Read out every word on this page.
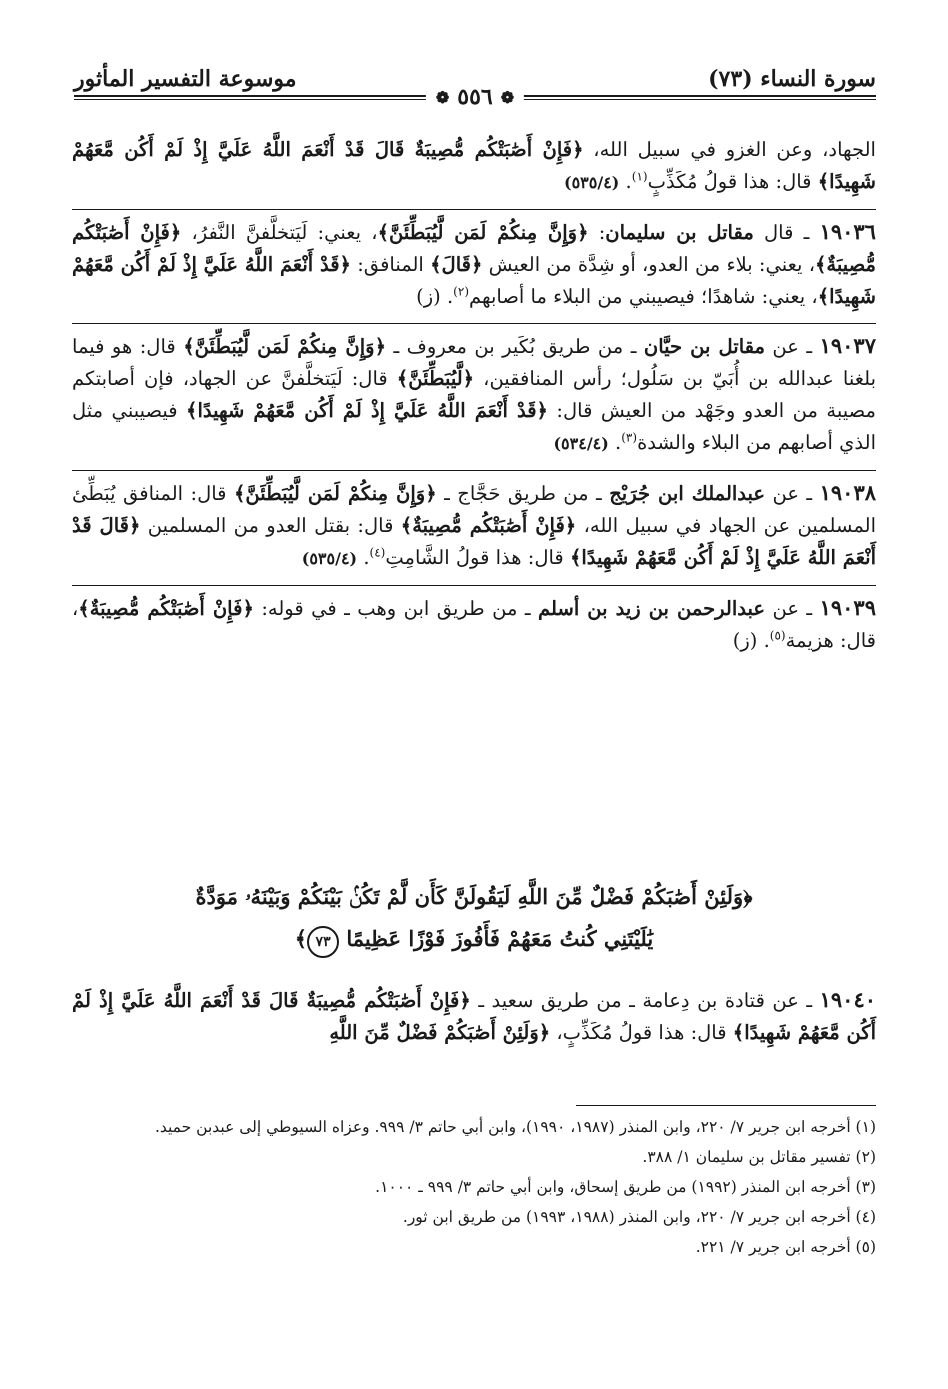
سورة النساء (٧٣)
موسوعة التفسير المأثور
❁
٥٥٦
❁

الجهاد، وعن الغزو في سبيل الله، ﴿فَإِنْ أَصَٰبَتْكُم مُّصِيبَةٌ قَالَ قَدْ أَنْعَمَ اللَّهُ عَلَيَّ إِذْ لَمْ أَكُن مَّعَهُمْ شَهِيدًا﴾ قال: هذا قولُ مُكَذِّبٍ$^{(١)}$. (٥٣٥/٤)

١٩٠٣٦ ـ قال مقاتل بن سليمان: ﴿وَإِنَّ مِنكُمْ لَمَن لَّيُبَطِّئَنَّ﴾، يعني: لَيَتخلَّفنَّ النَّفرُ، ﴿فَإِنْ أَصَٰبَتْكُم مُّصِيبَةٌ﴾، يعني: بلاء من العدو، أو شِدَّة من العيش ﴿قَالَ﴾ المنافق: ﴿قَدْ أَنْعَمَ اللَّهُ عَلَيَّ إِذْ لَمْ أَكُن مَّعَهُمْ شَهِيدًا﴾، يعني: شاهدًا؛ فيصيبني من البلاء ما أصابهم$^{(٢)}$. (ز)

١٩٠٣٧ ـ عن مقاتل بن حيَّان ـ من طريق بُكَير بن معروف ـ ﴿وَإِنَّ مِنكُمْ لَمَن لَّيُبَطِّئَنَّ﴾ قال: هو فيما بلغنا عبدالله بن أُبَيّ بن سَلُول؛ رأس المنافقين، ﴿لَّيُبَطِّئَنَّ﴾ قال: لَيَتخلَّفنَّ عن الجهاد، فإن أصابتكم مصيبة من العدو وجَهْد من العيش قال: ﴿قَدْ أَنْعَمَ اللَّهُ عَلَيَّ إِذْ لَمْ أَكُن مَّعَهُمْ شَهِيدًا﴾ فيصيبني مثل الذي أصابهم من البلاء والشدة$^{(٣)}$. (٥٣٤/٤)

١٩٠٣٨ ـ عن عبدالملك ابن جُرَيْج ـ من طريق حَجَّاج ـ ﴿وَإِنَّ مِنكُمْ لَمَن لَّيُبَطِّئَنَّ﴾ قال: المنافق يُبَطِّئ المسلمين عن الجهاد في سبيل الله، ﴿فَإِنْ أَصَٰبَتْكُم مُّصِيبَةٌ﴾ قال: بقتل العدو من المسلمين ﴿قَالَ قَدْ أَنْعَمَ اللَّهُ عَلَيَّ إِذْ لَمْ أَكُن مَّعَهُمْ شَهِيدًا﴾ قال: هذا قولُ الشَّامِتِ$^{(٤)}$. (٥٣٥/٤)

١٩٠٣٩ ـ عن عبدالرحمن بن زيد بن أسلم ـ من طريق ابن وهب ـ في قوله: ﴿فَإِنْ أَصَٰبَتْكُم مُّصِيبَةٌ﴾، قال: هزيمة$^{(٥)}$. (ز)

﴿وَلَئِنْ أَصَٰبَكُمْ فَضْلٌ مِّنَ اللَّهِ لَيَقُولَنَّ كَأَن لَّمْ تَكُنۢ بَيْنَكُمْ وَبَيْنَهُۥ مَوَدَّةٌ
يَٰلَيْتَنِي كُنتُ مَعَهُمْ فَأَفُوزَ فَوْزًا عَظِيمًا ٧٣﴾

١٩٠٤٠ ـ عن قتادة بن دِعامة ـ من طريق سعيد ـ ﴿فَإِنْ أَصَٰبَتْكُم مُّصِيبَةٌ قَالَ قَدْ أَنْعَمَ اللَّهُ عَلَيَّ إِذْ لَمْ أَكُن مَّعَهُمْ شَهِيدًا﴾ قال: هذا قولُ مُكَذِّبٍ، ﴿وَلَئِنْ أَصَٰبَكُمْ فَضْلٌ مِّنَ اللَّهِ

(١) أخرجه ابن جرير ٧/ ٢٢٠، وابن المنذر (١٩٨٧، ١٩٩٠)، وابن أبي حاتم ٣/ ٩٩٩. وعزاه السيوطي إلى عبدبن حميد.

(٢) تفسير مقاتل بن سليمان ١/ ٣٨٨.

(٣) أخرجه ابن المنذر (١٩٩٢) من طريق إسحاق، وابن أبي حاتم ٣/ ٩٩٩ ـ ١٠٠٠.

(٤) أخرجه ابن جرير ٧/ ٢٢٠، وابن المنذر (١٩٨٨، ١٩٩٣) من طريق ابن ثور.

(٥) أخرجه ابن جرير ٧/ ٢٢١.
